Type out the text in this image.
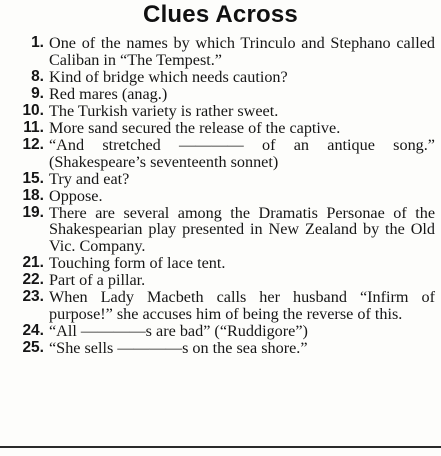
Clues Across
1. One of the names by which Trinculo and Stephano called Caliban in “The Tempest.”
8. Kind of bridge which needs caution?
9. Red mares (anag.)
10. The Turkish variety is rather sweet.
11. More sand secured the release of the captive.
12. “And stretched ———— of an antique song.” (Shakespeare’s seventeenth sonnet)
15. Try and eat?
18. Oppose.
19. There are several among the Dramatis Personae of the Shakespearian play presented in New Zealand by the Old Vic. Company.
21. Touching form of lace tent.
22. Part of a pillar.
23. When Lady Macbeth calls her husband “Infirm of purpose!” she accuses him of being the reverse of this.
24. “All ————s are bad” (“Ruddigore”)
25. “She sells ————s on the sea shore.”
